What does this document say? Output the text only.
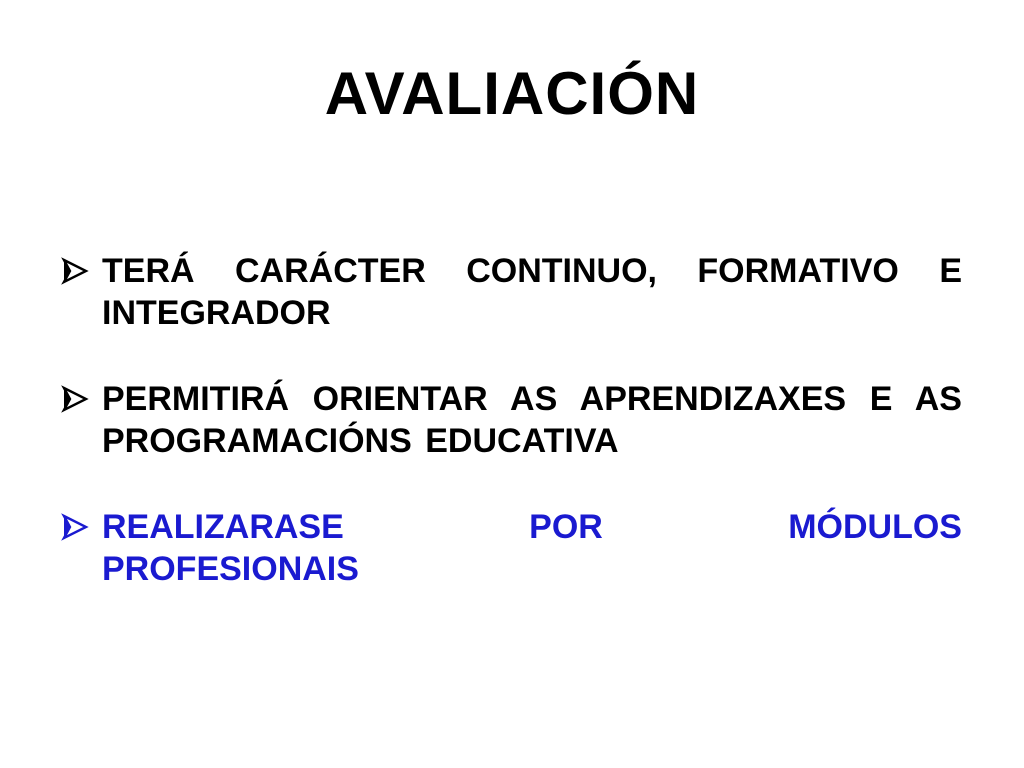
AVALIACIÓN
TERÁ CARÁCTER CONTINUO, FORMATIVO E INTEGRADOR
PERMITIRÁ ORIENTAR AS APRENDIZAXES E AS PROGRAMACIÓNS EDUCATIVA
REALIZARASE	POR	MÓDULOS
PROFESIONAIS
